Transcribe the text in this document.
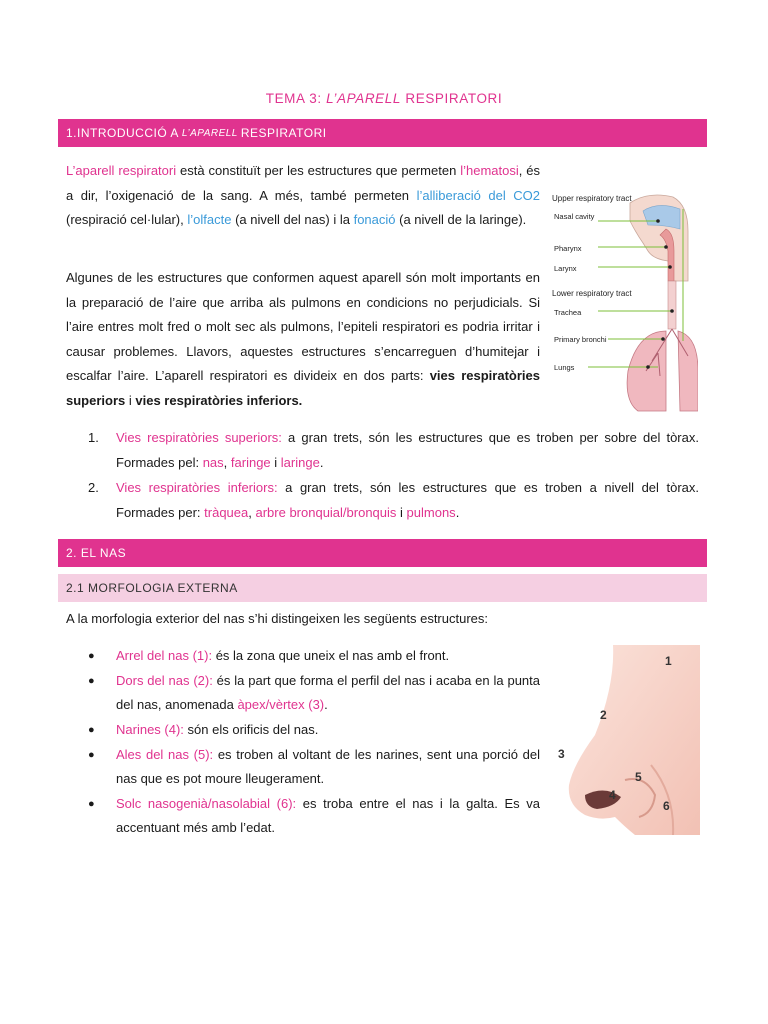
TEMA 3: L’APARELL RESPIRATORI
1.INTRODUCCIÓ A L’APARELL RESPIRATORI

L’aparell respiratori està constituït per les estructures que permeten l’hematosi, és a dir, l’oxigenació de la sang. A més, també permeten l’alliberació del CO2 (respiració cel·lular), l’olfacte (a nivell del nas) i la fonació (a nivell de la laringe).

Algunes de les estructures que conformen aquest aparell són molt importants en la preparació de l’aire que arriba als pulmons en condicions no perjudicials. Si l’aire entres molt fred o molt sec als pulmons, l’epiteli respiratori es podria irritar i causar problemes. Llavors, aquestes estructures s’encarreguen d’humitejar i escalfar l’aire. L’aparell respiratori es divideix en dos parts: vies respiratòries superiors i vies respiratòries inferiors.

Upper respiratory tract
Nasal cavity
Pharynx
Larynx
Lower respiratory tract
Trachea
Primary bronchi
Lungs
1. Vies respiratòries superiors: a gran trets, són les estructures que es troben per sobre del tòrax. Formades pel: nas, faringe i laringe.
2. Vies respiratòries inferiors: a gran trets, són les estructures que es troben a nivell del tòrax. Formades per: tràquea, arbre bronquial/bronquis i pulmons.
2. EL NAS
2.1 MORFOLOGIA EXTERNA

A la morfologia exterior del nas s’hi distingeixen les següents estructures:

● Arrel del nas (1): és la zona que uneix el nas amb el front.
● Dors del nas (2): és la part que forma el perfil del nas i acaba en la punta del nas, anomenada àpex/vèrtex (3).
● Narines (4): són els orificis del nas.
● Ales del nas (5): es troben al voltant de les narines, sent una porció del nas que es pot moure lleugerament.
● Solc nasogenià/nasolabial (6): es troba entre el nas i la galta. Es va accentuant més amb l’edat.
1
2
3
4
5
6
